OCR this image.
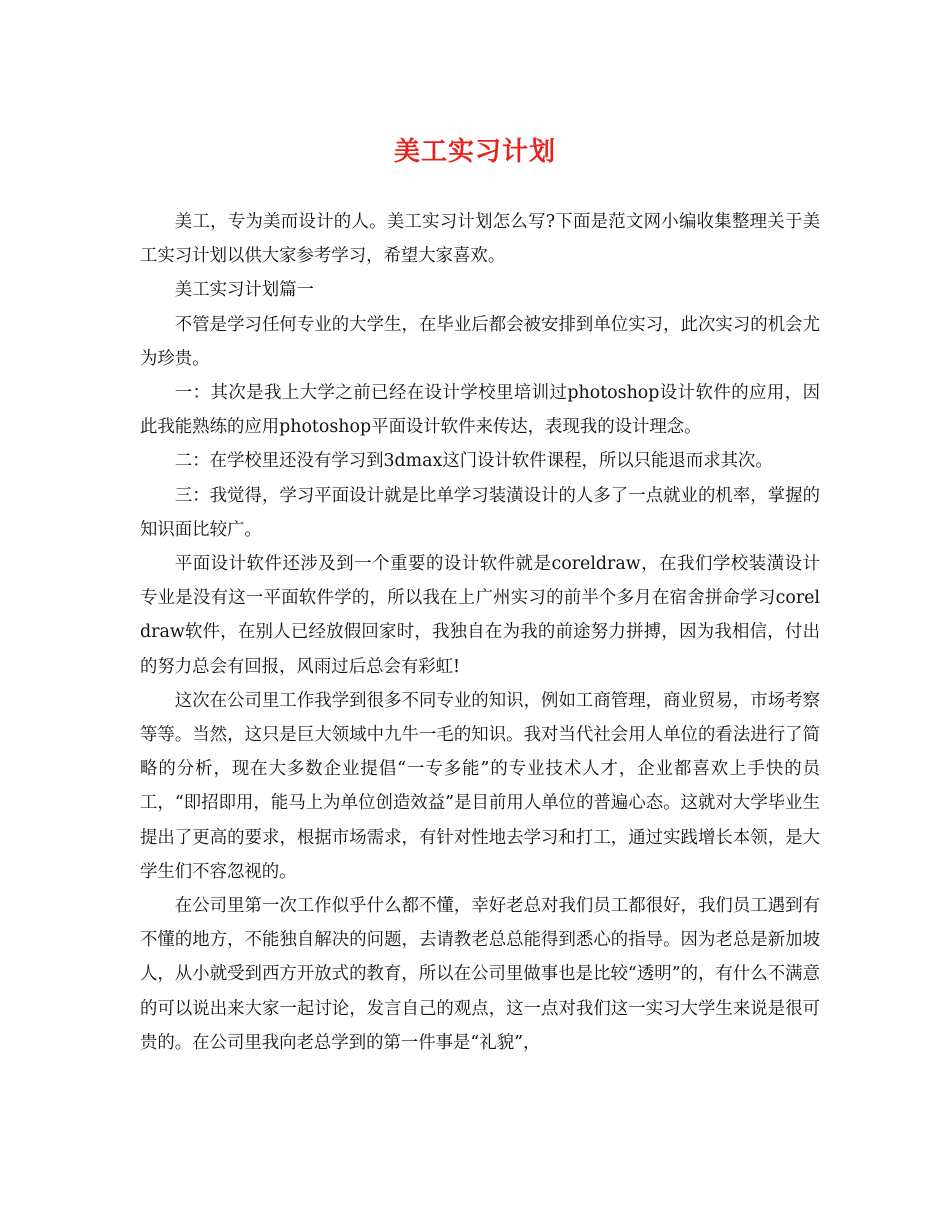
美工实习计划

美工，专为美而设计的人。美工实习计划怎么写?下面是范文网小编收集整理关于美工实习计划以供大家参考学习，希望大家喜欢。

美工实习计划篇一

不管是学习任何专业的大学生，在毕业后都会被安排到单位实习，此次实习的机会尤为珍贵。

一：其次是我上大学之前已经在设计学校里培训过photoshop设计软件的应用，因此我能熟练的应用photoshop平面设计软件来传达，表现我的设计理念。

二：在学校里还没有学习到3dmax这门设计软件课程，所以只能退而求其次。

三：我觉得，学习平面设计就是比单学习装潢设计的人多了一点就业的机率，掌握的知识面比较广。

平面设计软件还涉及到一个重要的设计软件就是coreldraw，在我们学校装潢设计专业是没有这一平面软件学的，所以我在上广州实习的前半个多月在宿舍拼命学习coreldraw软件，在别人已经放假回家时，我独自在为我的前途努力拼搏，因为我相信，付出的努力总会有回报，风雨过后总会有彩虹!

这次在公司里工作我学到很多不同专业的知识，例如工商管理，商业贸易，市场考察等等。当然，这只是巨大领域中九牛一毛的知识。我对当代社会用人单位的看法进行了简略的分析，现在大多数企业提倡“一专多能”的专业技术人才，企业都喜欢上手快的员工，“即招即用，能马上为单位创造效益”是目前用人单位的普遍心态。这就对大学毕业生提出了更高的要求，根据市场需求，有针对性地去学习和打工，通过实践增长本领，是大学生们不容忽视的。

在公司里第一次工作似乎什么都不懂，幸好老总对我们员工都很好，我们员工遇到有不懂的地方，不能独自解决的问题，去请教老总总能得到悉心的指导。因为老总是新加坡人，从小就受到西方开放式的教育，所以在公司里做事也是比较“透明”的，有什么不满意的可以说出来大家一起讨论，发言自己的观点，这一点对我们这一实习大学生来说是很可贵的。在公司里我向老总学到的第一件事是“礼貌”，
